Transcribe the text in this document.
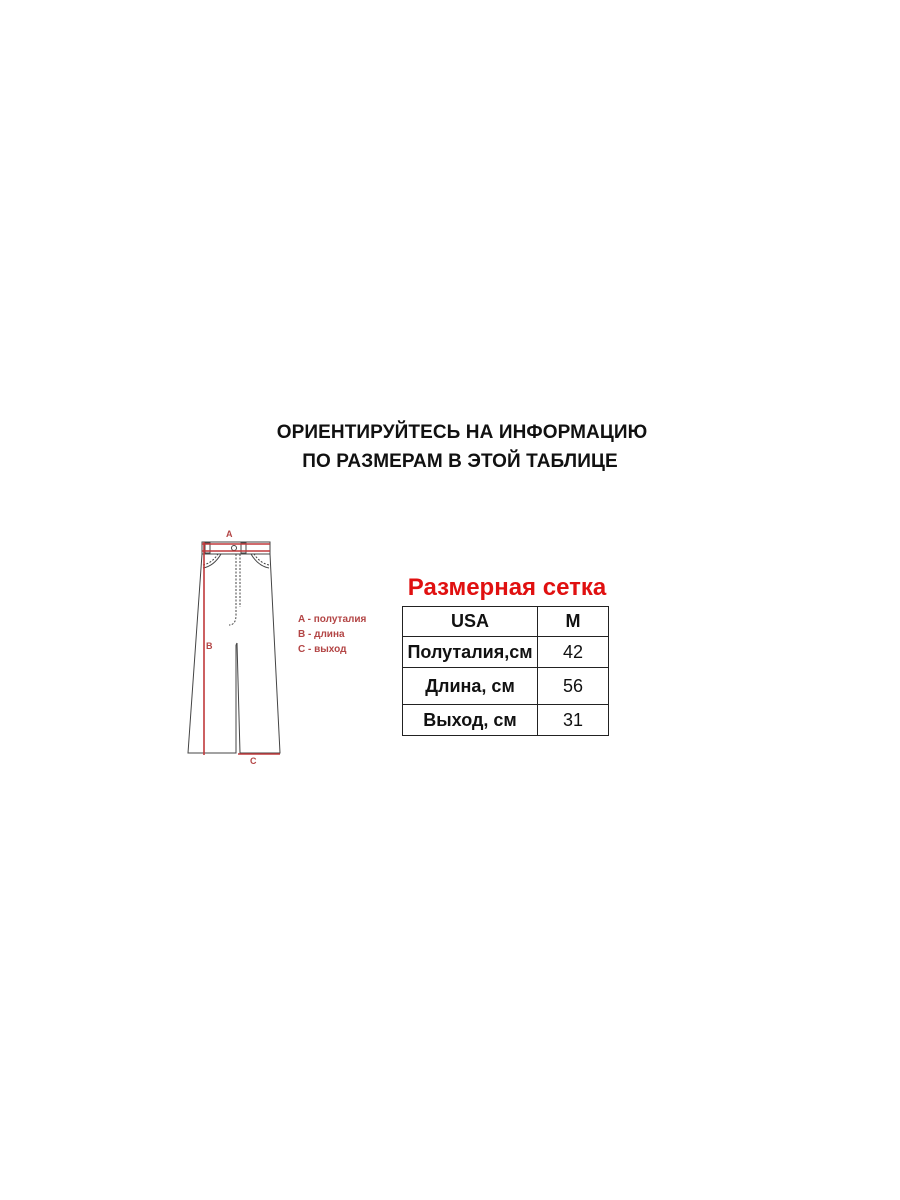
ОРИЕНТИРУЙТЕСЬ НА ИНФОРМАЦИЮ
ПО РАЗМЕРАМ В ЭТОЙ ТАБЛИЦЕ
A
B
C
A - полуталия
B - длина
C - выход
Размерная сетка
USA	M
Полуталия,см	42
Длина, см	56
Выход, см	31
